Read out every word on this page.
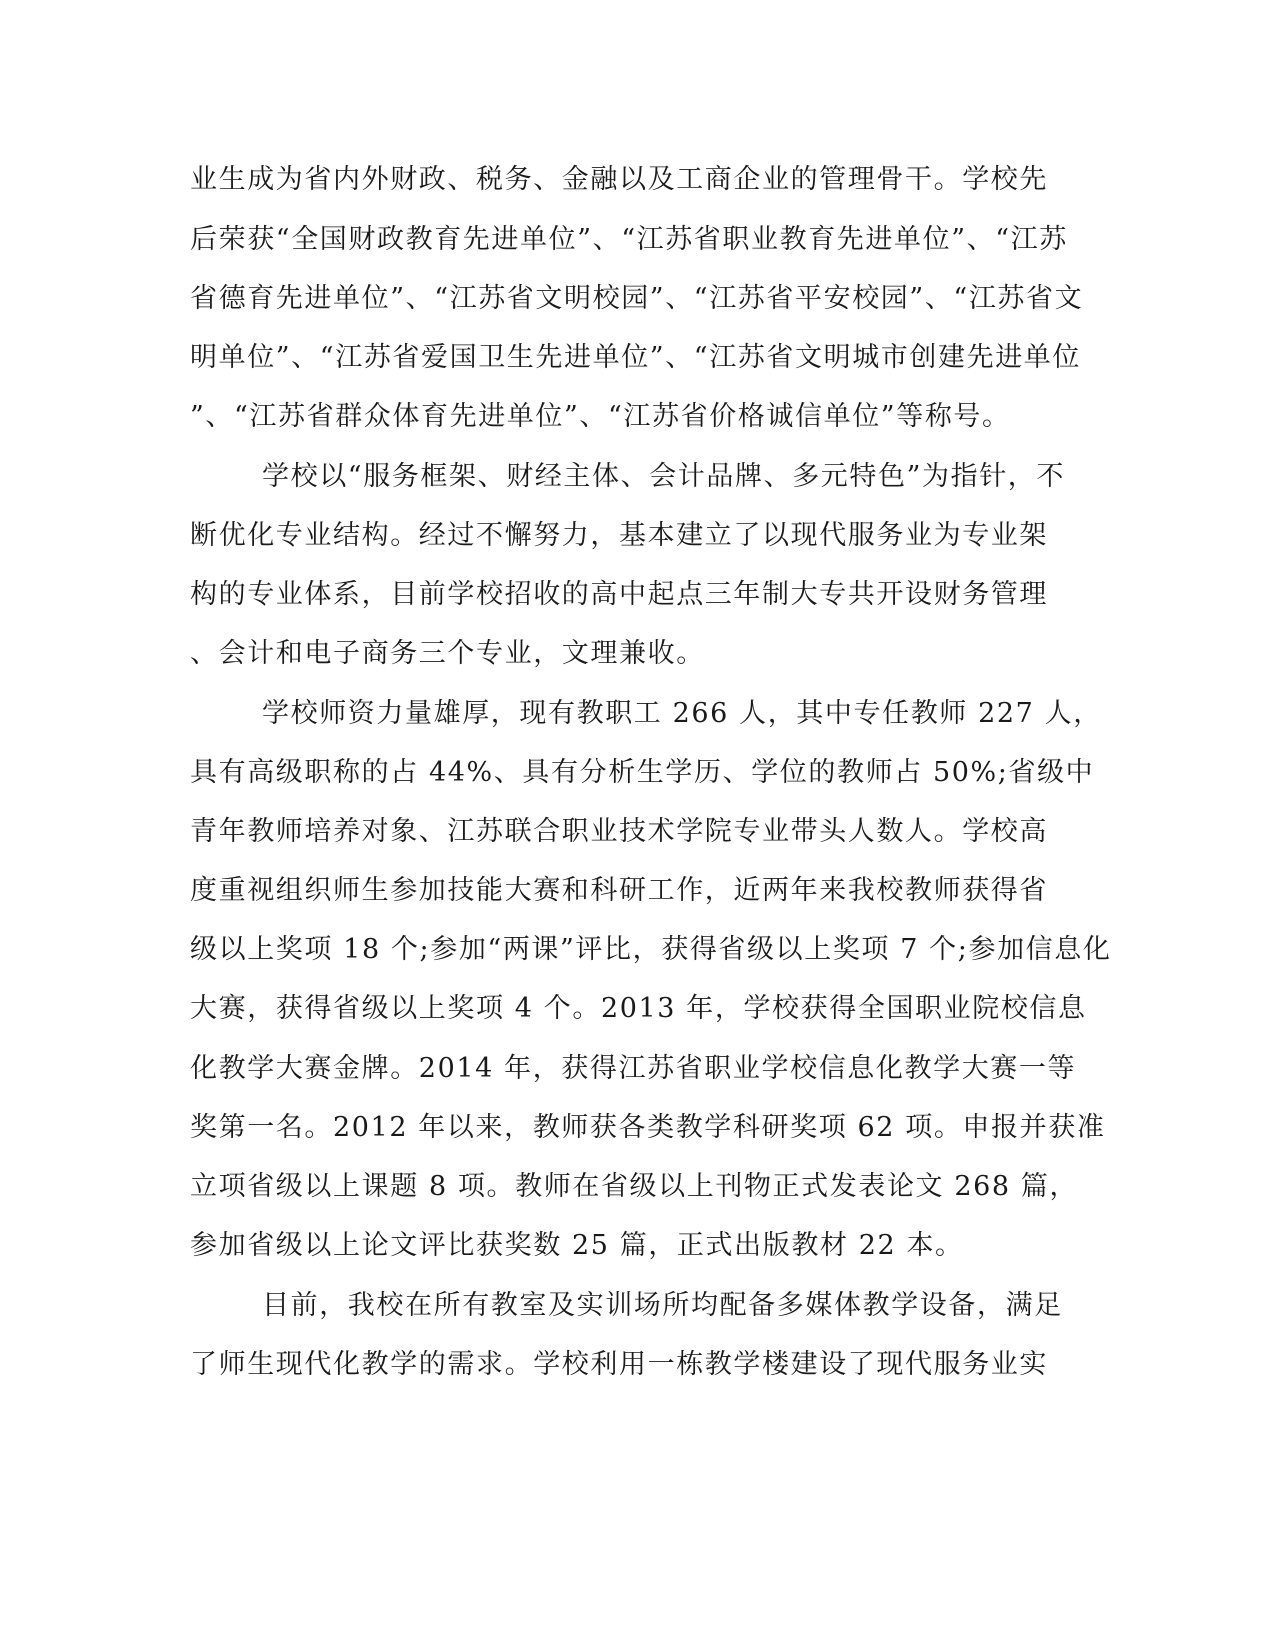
业生成为省内外财政、税务、金融以及工商企业的管理骨干。学校先
后荣获“全国财政教育先进单位”、“江苏省职业教育先进单位”、“江苏
省德育先进单位”、“江苏省文明校园”、“江苏省平安校园”、“江苏省文
明单位”、“江苏省爱国卫生先进单位”、“江苏省文明城市创建先进单位
”、“江苏省群众体育先进单位”、“江苏省价格诚信单位”等称号。
学校以“服务框架、财经主体、会计品牌、多元特色”为指针，不
断优化专业结构。经过不懈努力，基本建立了以现代服务业为专业架
构的专业体系，目前学校招收的高中起点三年制大专共开设财务管理
、会计和电子商务三个专业，文理兼收。
学校师资力量雄厚，现有教职工 266 人，其中专任教师 227 人，
具有高级职称的占 44%、具有分析生学历、学位的教师占 50%;省级中
青年教师培养对象、江苏联合职业技术学院专业带头人数人。学校高
度重视组织师生参加技能大赛和科研工作，近两年来我校教师获得省
级以上奖项 18 个;参加“两课”评比，获得省级以上奖项 7 个;参加信息化
大赛，获得省级以上奖项 4 个。2013 年，学校获得全国职业院校信息
化教学大赛金牌。2014 年，获得江苏省职业学校信息化教学大赛一等
奖第一名。2012 年以来，教师获各类教学科研奖项 62 项。申报并获准
立项省级以上课题 8 项。教师在省级以上刊物正式发表论文 268 篇，
参加省级以上论文评比获奖数 25 篇，正式出版教材 22 本。
目前，我校在所有教室及实训场所均配备多媒体教学设备，满足
了师生现代化教学的需求。学校利用一栋教学楼建设了现代服务业实
